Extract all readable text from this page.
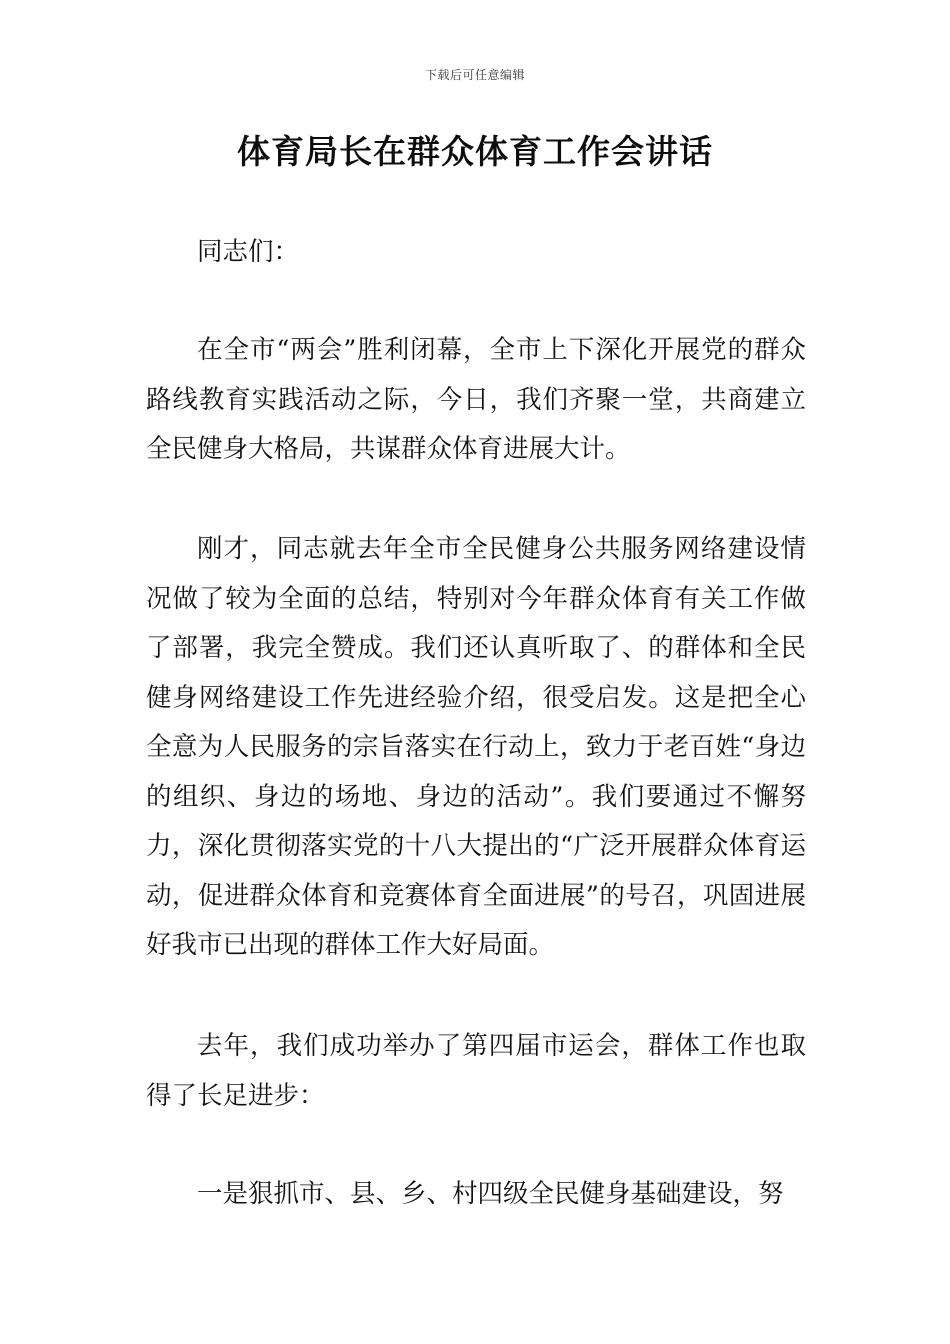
下载后可任意编辑
体育局长在群众体育工作会讲话

同志们：

在全市“两会”胜利闭幕，全市上下深化开展党的群众路线教育实践活动之际，今日，我们齐聚一堂，共商建立全民健身大格局，共谋群众体育进展大计。

刚才，同志就去年全市全民健身公共服务网络建设情况做了较为全面的总结，特别对今年群众体育有关工作做了部署，我完全赞成。我们还认真听取了、的群体和全民健身网络建设工作先进经验介绍，很受启发。这是把全心全意为人民服务的宗旨落实在行动上，致力于老百姓“身边的组织、身边的场地、身边的活动”。我们要通过不懈努力，深化贯彻落实党的十八大提出的“广泛开展群众体育运动，促进群众体育和竞赛体育全面进展”的号召，巩固进展好我市已出现的群体工作大好局面。

去年，我们成功举办了第四届市运会，群体工作也取得了长足进步：

一是狠抓市、县、乡、村四级全民健身基础建设，努
